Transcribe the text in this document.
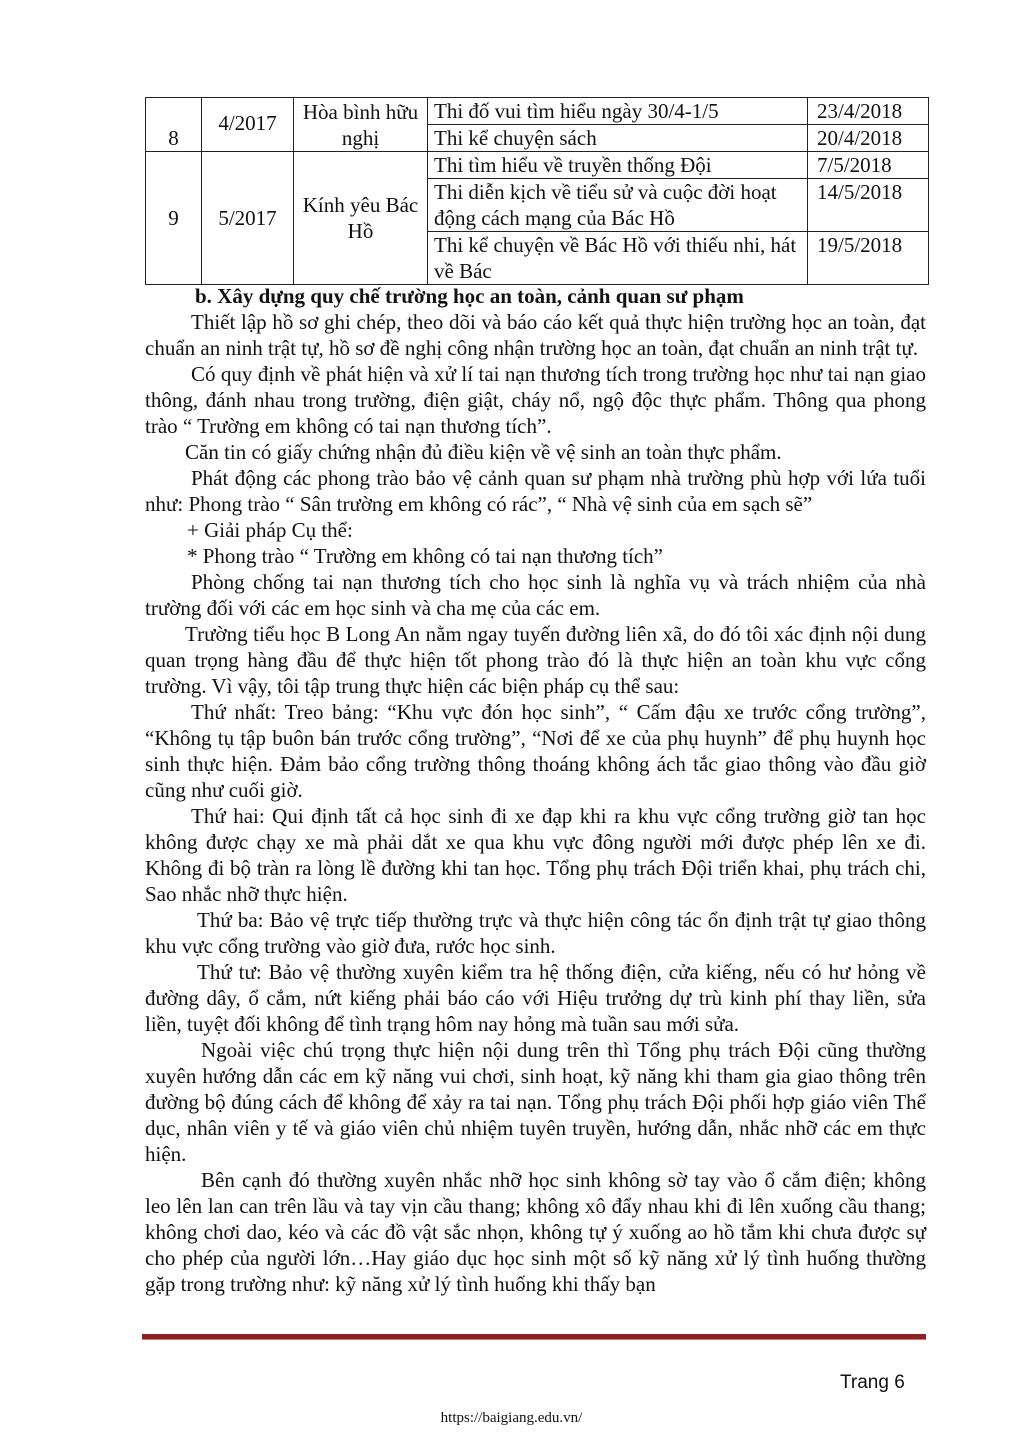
8	4/2017	Hòa bình hữu nghị	Thi đố vui tìm hiểu ngày 30/4-1/5	23/4/2018
			Thi kể chuyện sách	20/4/2018
9	5/2017	Kính yêu Bác Hồ	Thi tìm hiểu về truyền thống Đội	7/5/2018
			Thi diễn kịch về tiểu sử và cuộc đời hoạt động cách mạng của Bác Hồ	14/5/2018
			Thi kể chuyện về Bác Hồ với thiếu nhi, hát về Bác	19/5/2018

b. Xây dựng quy chế trường học an toàn, cảnh quan sư phạm

Thiết lập hồ sơ ghi chép, theo dõi và báo cáo kết quả thực hiện trường học an toàn, đạt chuẩn an ninh trật tự, hồ sơ đề nghị công nhận trường học an toàn, đạt chuẩn an ninh trật tự.

Có quy định về phát hiện và xử lí tai nạn thương tích trong trường học như tai nạn giao thông, đánh nhau trong trường, điện giật, cháy nổ, ngộ độc thực phẩm. Thông qua phong trào “ Trường em không có tai nạn thương tích”.

Căn tin có giấy chứng nhận đủ điều kiện về vệ sinh an toàn thực phẩm.

Phát động các phong trào bảo vệ cảnh quan sư phạm nhà trường phù hợp với lứa tuổi như: Phong trào “ Sân trường em không có rác”, “ Nhà vệ sinh của em sạch sẽ”

+ Giải pháp Cụ thể:

* Phong trào “ Trường em không có tai nạn thương tích”

Phòng chống tai nạn thương tích cho học sinh là nghĩa vụ và trách nhiệm của nhà trường đối với các em học sinh và cha mẹ của các em.

Trường tiểu học B Long An nằm ngay tuyến đường liên xã, do đó tôi xác định nội dung quan trọng hàng đầu để thực hiện tốt phong trào đó là thực hiện an toàn khu vực cổng trường. Vì vậy, tôi tập trung thực hiện các biện pháp cụ thể sau:

Thứ nhất: Treo bảng: “Khu vực đón học sinh”, “ Cấm đậu xe trước cổng trường”, “Không tụ tập buôn bán trước cổng trường”, “Nơi để xe của phụ huynh” để phụ huynh học sinh thực hiện. Đảm bảo cổng trường thông thoáng không ách tắc giao thông vào đầu giờ cũng như cuối giờ.

Thứ hai: Qui định tất cả học sinh đi xe đạp khi ra khu vực cổng trường giờ tan học không được chạy xe mà phải dắt xe qua khu vực đông người mới được phép lên xe đi. Không đi bộ tràn ra lòng lề đường khi tan học. Tổng phụ trách Đội triển khai, phụ trách chi, Sao nhắc nhỡ thực hiện.

Thứ ba: Bảo vệ trực tiếp thường trực và thực hiện công tác ổn định trật tự giao thông khu vực cổng trường vào giờ đưa, rước học sinh.

Thứ tư: Bảo vệ thường xuyên kiểm tra hệ thống điện, cửa kiếng, nếu có hư hỏng về đường dây, ổ cắm, nứt kiếng phải báo cáo với Hiệu trưởng dự trù kinh phí thay liền, sửa liền, tuyệt đối không để tình trạng hôm nay hỏng mà tuần sau mới sửa.

Ngoài việc chú trọng thực hiện nội dung trên thì Tổng phụ trách Đội cũng thường xuyên hướng dẫn các em kỹ năng vui chơi, sinh hoạt, kỹ năng khi tham gia giao thông trên đường bộ đúng cách để không để xảy ra tai nạn. Tổng phụ trách Đội phối hợp giáo viên Thể dục, nhân viên y tế và giáo viên chủ nhiệm tuyên truyền, hướng dẫn, nhắc nhỡ các em thực hiện.

Bên cạnh đó thường xuyên nhắc nhỡ học sinh không sờ tay vào ổ cắm điện; không leo lên lan can trên lầu và tay vịn cầu thang; không xô đẩy nhau khi đi lên xuống cầu thang; không chơi dao, kéo và các đồ vật sắc nhọn, không tự ý xuống ao hồ tắm khi chưa được sự cho phép của người lớn…Hay giáo dục học sinh một số kỹ năng xử lý tình huống thường gặp trong trường như: kỹ năng xử lý tình huống khi thấy bạn

Trang 6
https://baigiang.edu.vn/
